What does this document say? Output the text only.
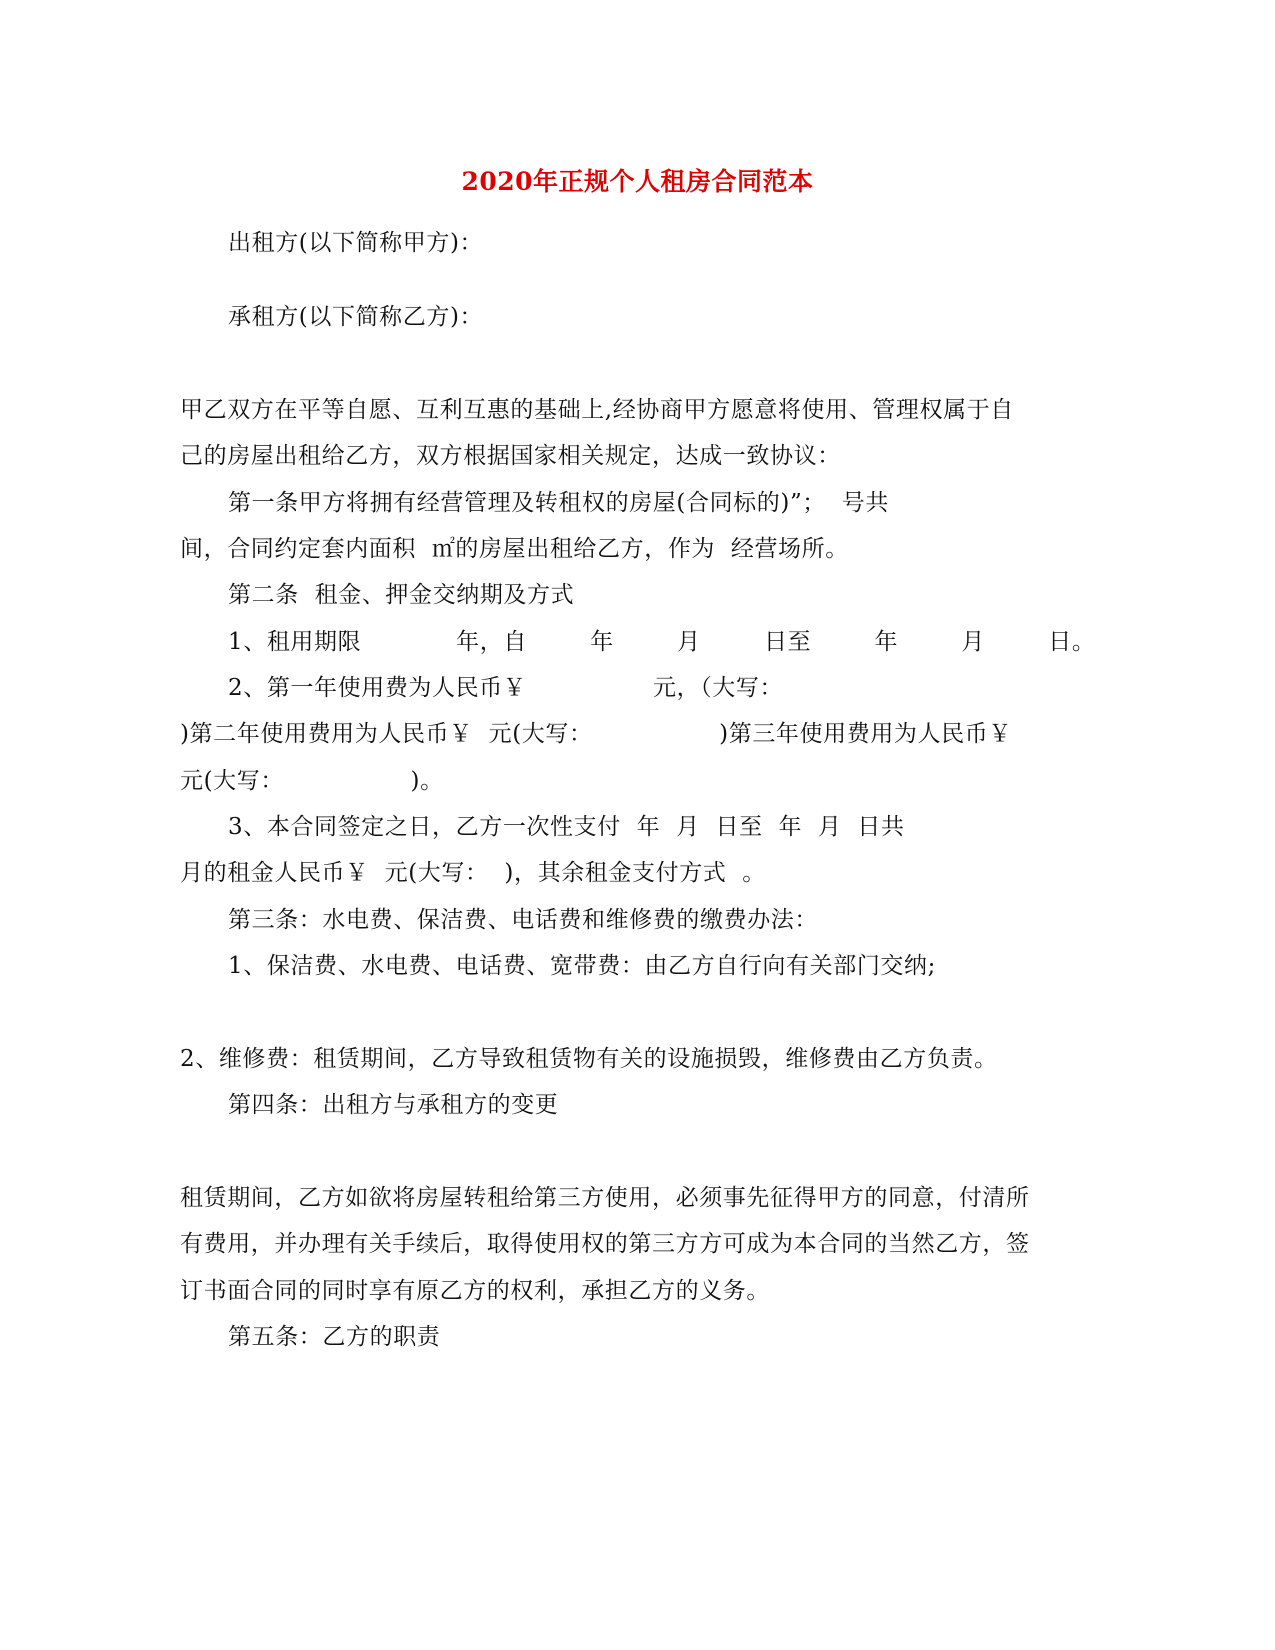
2020年正规个人租房合同范本
出租方(以下简称甲方)：
承租方(以下简称乙方)：
甲乙双方在平等自愿、互利互惠的基础上,经协商甲方愿意将使用、管理权属于自
己的房屋出租给乙方，双方根据国家相关规定，达成一致协议：
第一条甲方将拥有经营管理及转租权的房屋(合同标的)”；  号共
间，合同约定套内面积  ㎡的房屋出租给乙方，作为  经营场所。
第二条  租金、押金交纳期及方式
1、租用期限            年，自        年        月        日至        年        月        日。
2、第一年使用费为人民币￥                元，（大写：
)第二年使用费用为人民币￥  元(大写：                )第三年使用费用为人民币￥
元(大写：                )。
3、本合同签定之日，乙方一次性支付  年  月  日至  年  月  日共
月的租金人民币￥  元(大写：  )，其余租金支付方式  。
第三条：水电费、保洁费、电话费和维修费的缴费办法：
1、保洁费、水电费、电话费、宽带费：由乙方自行向有关部门交纳;
2、维修费：租赁期间，乙方导致租赁物有关的设施损毁，维修费由乙方负责。
第四条：出租方与承租方的变更
租赁期间，乙方如欲将房屋转租给第三方使用，必须事先征得甲方的同意，付清所
有费用，并办理有关手续后，取得使用权的第三方方可成为本合同的当然乙方，签
订书面合同的同时享有原乙方的权利，承担乙方的义务。
第五条：乙方的职责
